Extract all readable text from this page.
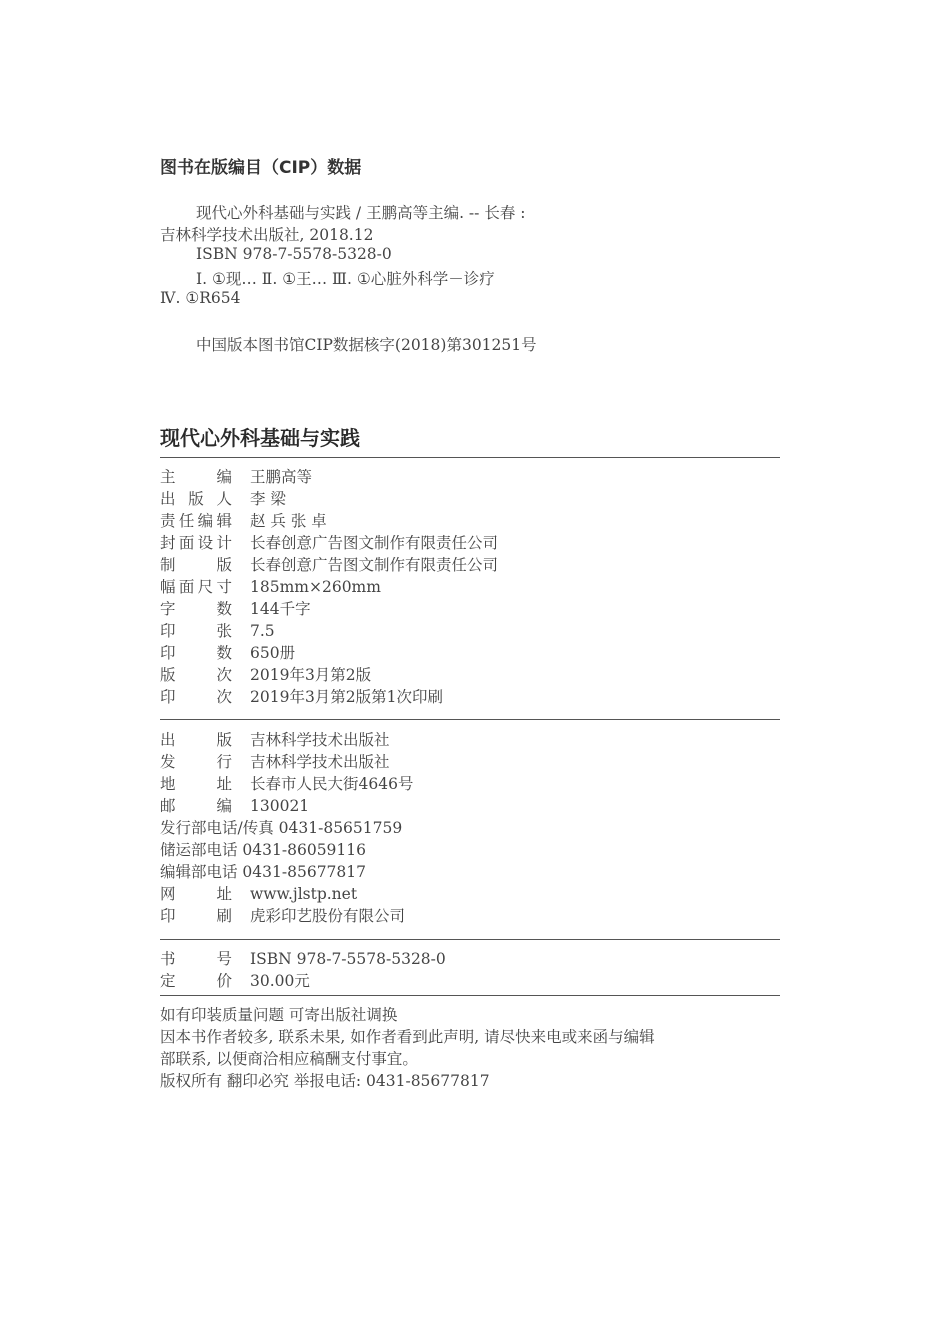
图书在版编目（CIP）数据
现代心外科基础与实践 / 王鹏高等主编. -- 长春 :
吉林科学技术出版社, 2018.12
ISBN 978-7-5578-5328-0
Ⅰ. ①现… Ⅱ. ①王… Ⅲ. ①心脏外科学－诊疗
Ⅳ. ①R654
中国版本图书馆CIP数据核字(2018)第301251号
现代心外科基础与实践
主编 王鹏高等
出版人 李 梁
责任编辑 赵 兵 张 卓
封面设计 长春创意广告图文制作有限责任公司
制版 长春创意广告图文制作有限责任公司
幅面尺寸 185mm×260mm
字数 144千字
印张 7.5
印数 650册
版次 2019年3月第2版
印次 2019年3月第2版第1次印刷
出版 吉林科学技术出版社
发行 吉林科学技术出版社
地址 长春市人民大街4646号
邮编 130021
发行部电话/传真 0431-85651759
储运部电话 0431-86059116
编辑部电话 0431-85677817
网址 www.jlstp.net
印刷 虎彩印艺股份有限公司
书号 ISBN 978-7-5578-5328-0
定价 30.00元
如有印装质量问题 可寄出版社调换
因本书作者较多, 联系未果, 如作者看到此声明, 请尽快来电或来函与编辑
部联系, 以便商洽相应稿酬支付事宜。
版权所有 翻印必究 举报电话: 0431-85677817
